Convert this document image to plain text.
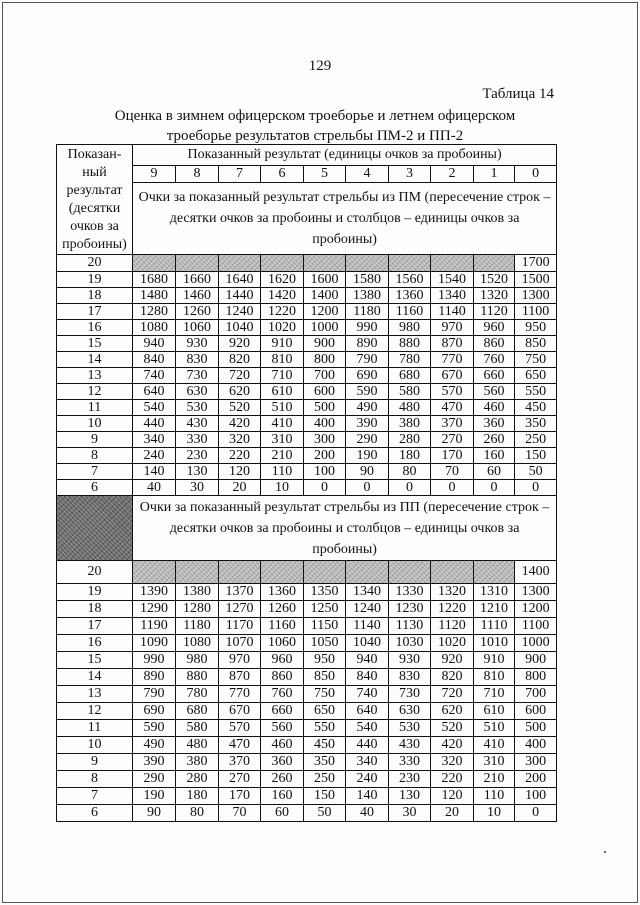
129
Таблица 14
Оценка в зимнем офицерском троеборье и летнем офицерском
троеборье результатов стрельбы ПМ-2 и ПП-2
Показан-ный результат (десятки очков за пробоины)	Показанный результат (единицы очков за пробоины)									
	9	8	7	6	5	4	3	2	1	0
	Очки за показанный результат стрельбы из ПМ (пересечение строк – десятки очков за пробоины и столбцов – единицы очков за пробоины)									
20										1700
19	1680	1660	1640	1620	1600	1580	1560	1540	1520	1500
18	1480	1460	1440	1420	1400	1380	1360	1340	1320	1300
17	1280	1260	1240	1220	1200	1180	1160	1140	1120	1100
16	1080	1060	1040	1020	1000	990	980	970	960	950
15	940	930	920	910	900	890	880	870	860	850
14	840	830	820	810	800	790	780	770	760	750
13	740	730	720	710	700	690	680	670	660	650
12	640	630	620	610	600	590	580	570	560	550
11	540	530	520	510	500	490	480	470	460	450
10	440	430	420	410	400	390	380	370	360	350
9	340	330	320	310	300	290	280	270	260	250
8	240	230	220	210	200	190	180	170	160	150
7	140	130	120	110	100	90	80	70	60	50
6	40	30	20	10	0	0	0	0	0	0
	Очки за показанный результат стрельбы из ПП (пересечение строк – десятки очков за пробоины и столбцов – единицы очков за пробоины)									
20										1400
19	1390	1380	1370	1360	1350	1340	1330	1320	1310	1300
18	1290	1280	1270	1260	1250	1240	1230	1220	1210	1200
17	1190	1180	1170	1160	1150	1140	1130	1120	1110	1100
16	1090	1080	1070	1060	1050	1040	1030	1020	1010	1000
15	990	980	970	960	950	940	930	920	910	900
14	890	880	870	860	850	840	830	820	810	800
13	790	780	770	760	750	740	730	720	710	700
12	690	680	670	660	650	640	630	620	610	600
11	590	580	570	560	550	540	530	520	510	500
10	490	480	470	460	450	440	430	420	410	400
9	390	380	370	360	350	340	330	320	310	300
8	290	280	270	260	250	240	230	220	210	200
7	190	180	170	160	150	140	130	120	110	100
6	90	80	70	60	50	40	30	20	10	0
